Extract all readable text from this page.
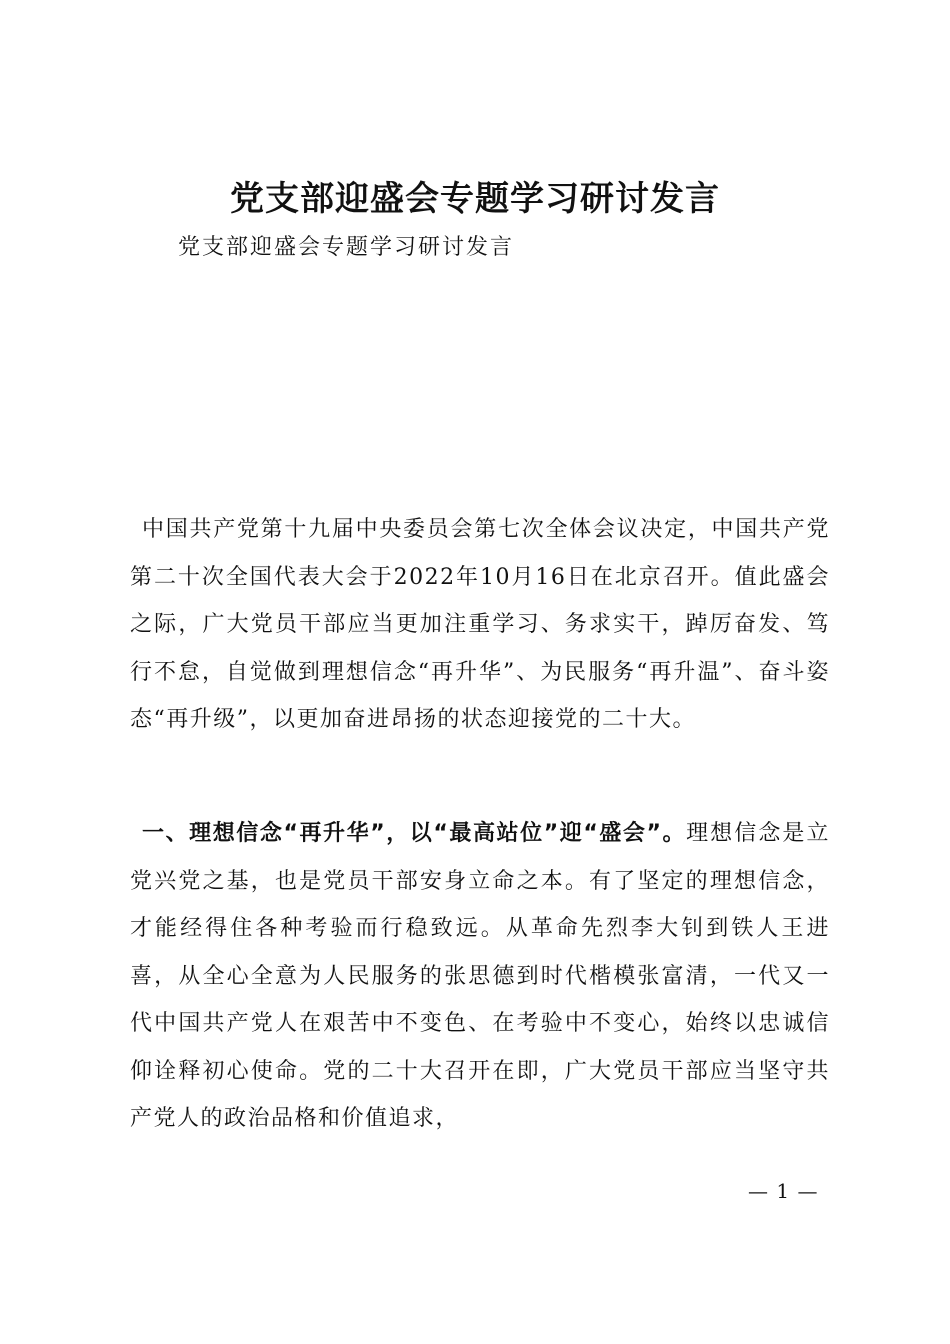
党支部迎盛会专题学习研讨发言
党支部迎盛会专题学习研讨发言

中国共产党第十九届中央委员会第七次全体会议决定，中国共产党第二十次全国代表大会于2022年10月16日在北京召开。值此盛会之际，广大党员干部应当更加注重学习、务求实干，踔厉奋发、笃行不怠，自觉做到理想信念“再升华”、为民服务“再升温”、奋斗姿态“再升级”，以更加奋进昂扬的状态迎接党的二十大。

一、理想信念“再升华”，以“最高站位”迎“盛会”。理想信念是立党兴党之基，也是党员干部安身立命之本。有了坚定的理想信念，才能经得住各种考验而行稳致远。从革命先烈李大钊到铁人王进喜，从全心全意为人民服务的张思德到时代楷模张富清，一代又一代中国共产党人在艰苦中不变色、在考验中不变心，始终以忠诚信仰诠释初心使命。党的二十大召开在即，广大党员干部应当坚守共产党人的政治品格和价值追求，

— 1 —
